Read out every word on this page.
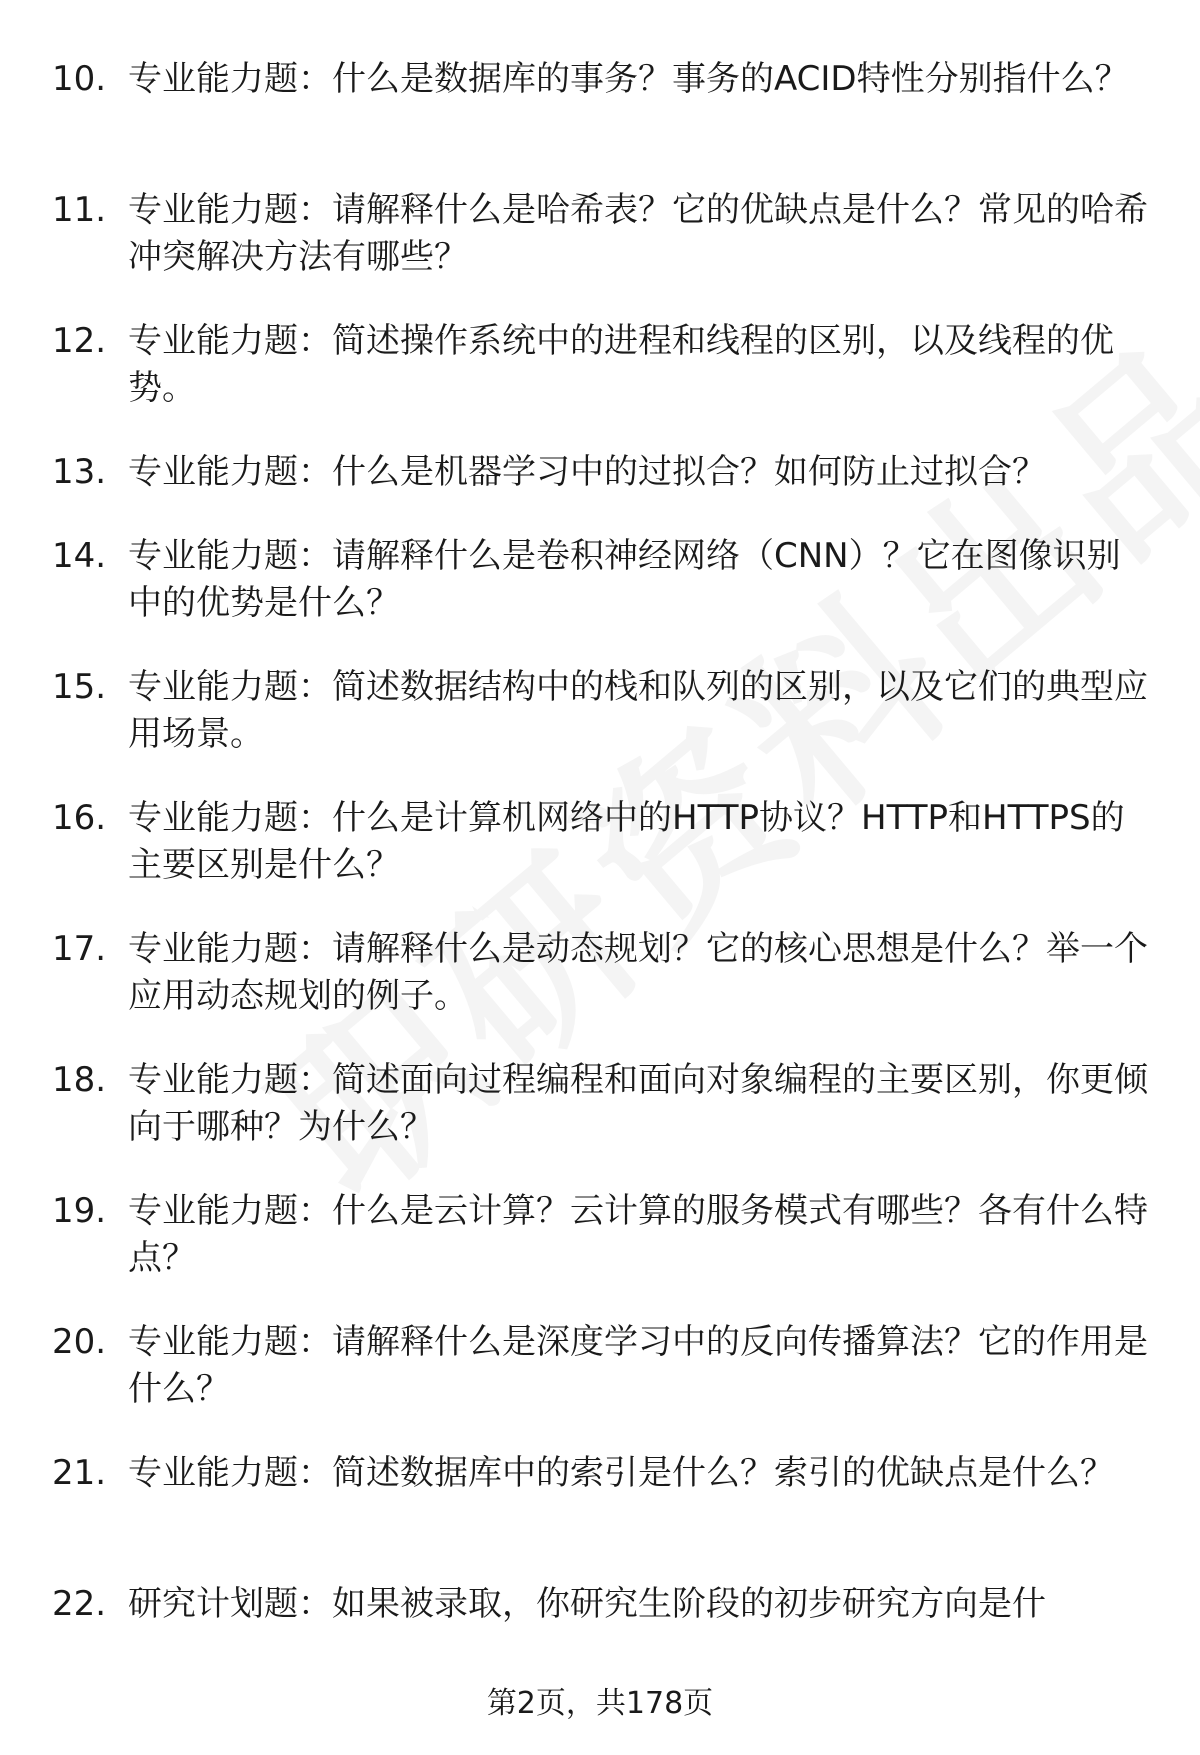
10. 专业能力题：什么是数据库的事务？事务的ACID特性分别指什么？

11. 专业能力题：请解释什么是哈希表？它的优缺点是什么？常见的哈希冲突解决方法有哪些？

12. 专业能力题：简述操作系统中的进程和线程的区别，以及线程的优势。

13. 专业能力题：什么是机器学习中的过拟合？如何防止过拟合？

14. 专业能力题：请解释什么是卷积神经网络（CNN）？它在图像识别中的优势是什么？

15. 专业能力题：简述数据结构中的栈和队列的区别，以及它们的典型应用场景。

16. 专业能力题：什么是计算机网络中的HTTP协议？HTTP和HTTPS的主要区别是什么？

17. 专业能力题：请解释什么是动态规划？它的核心思想是什么？举一个应用动态规划的例子。

18. 专业能力题：简述面向过程编程和面向对象编程的主要区别，你更倾向于哪种？为什么？

19. 专业能力题：什么是云计算？云计算的服务模式有哪些？各有什么特点？

20. 专业能力题：请解释什么是深度学习中的反向传播算法？它的作用是什么？

21. 专业能力题：简述数据库中的索引是什么？索引的优缺点是什么？

22. 研究计划题：如果被录取，你研究生阶段的初步研究方向是什

第2页，共178页
